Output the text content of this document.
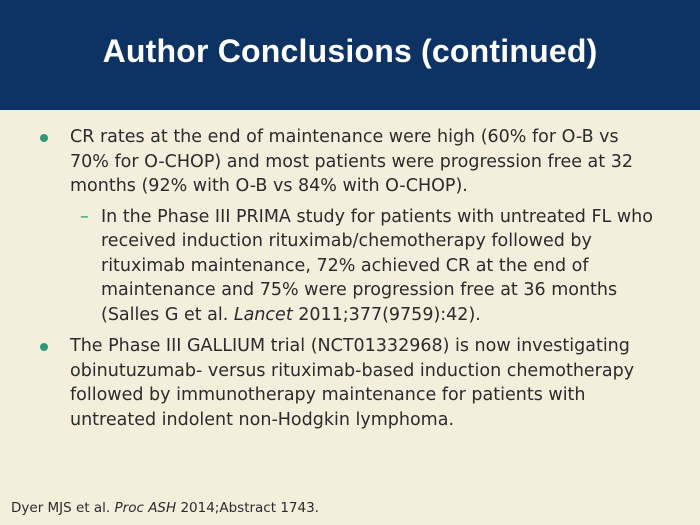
Author Conclusions (continued)
CR rates at the end of maintenance were high (60% for O-B vs 70% for O-CHOP) and most patients were progression free at 32 months (92% with O-B vs 84% with O-CHOP).
– In the Phase III PRIMA study for patients with untreated FL who received induction rituximab/chemotherapy followed by rituximab maintenance, 72% achieved CR at the end of maintenance and 75% were progression free at 36 months (Salles G et al. Lancet 2011;377(9759):42).
The Phase III GALLIUM trial (NCT01332968) is now investigating obinutuzumab- versus rituximab-based induction chemotherapy followed by immunotherapy maintenance for patients with untreated indolent non-Hodgkin lymphoma.
Dyer MJS et al. Proc ASH 2014;Abstract 1743.
